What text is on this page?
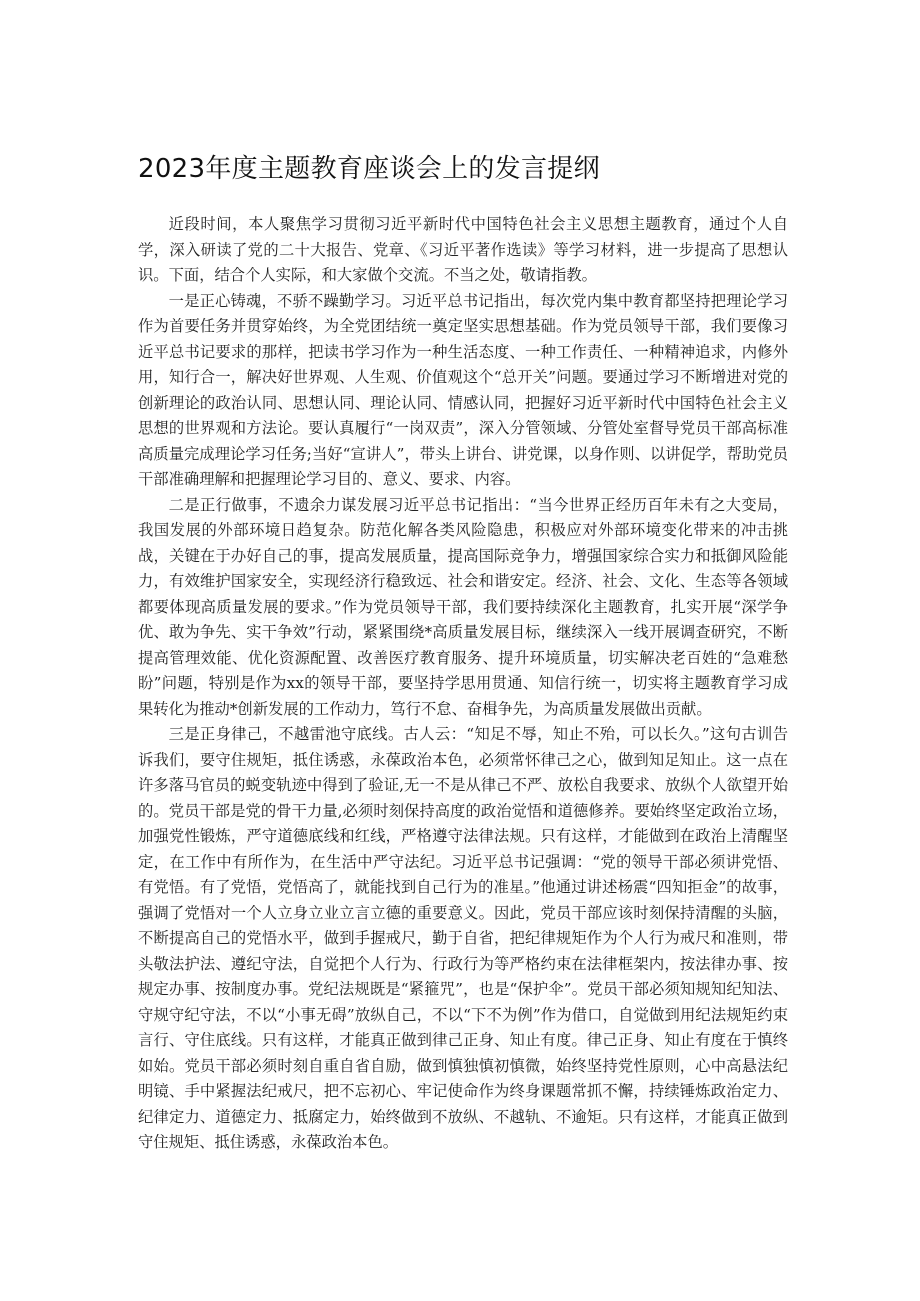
2023年度主题教育座谈会上的发言提纲

近段时间，本人聚焦学习贯彻习近平新时代中国特色社会主义思想主题教育，通过个人自学，深入研读了党的二十大报告、党章、《习近平著作选读》等学习材料，进一步提高了思想认识。下面，结合个人实际，和大家做个交流。不当之处，敬请指教。

一是正心铸魂，不骄不躁勤学习。习近平总书记指出，每次党内集中教育都坚持把理论学习作为首要任务并贯穿始终，为全党团结统一奠定坚实思想基础。作为党员领导干部，我们要像习近平总书记要求的那样，把读书学习作为一种生活态度、一种工作责任、一种精神追求，内修外用，知行合一，解决好世界观、人生观、价值观这个“总开关”问题。要通过学习不断增进对党的创新理论的政治认同、思想认同、理论认同、情感认同，把握好习近平新时代中国特色社会主义思想的世界观和方法论。要认真履行“一岗双责”，深入分管领域、分管处室督导党员干部高标准高质量完成理论学习任务;当好“宣讲人”，带头上讲台、讲党课，以身作则、以讲促学，帮助党员干部准确理解和把握理论学习目的、意义、要求、内容。

二是正行做事，不遗余力谋发展习近平总书记指出：“当今世界正经历百年未有之大变局，我国发展的外部环境日趋复杂。防范化解各类风险隐患，积极应对外部环境变化带来的冲击挑战，关键在于办好自己的事，提高发展质量，提高国际竞争力，增强国家综合实力和抵御风险能力，有效维护国家安全，实现经济行稳致远、社会和谐安定。经济、社会、文化、生态等各领域都要体现高质量发展的要求。”作为党员领导干部，我们要持续深化主题教育，扎实开展“深学争优、敢为争先、实干争效”行动，紧紧围绕*高质量发展目标，继续深入一线开展调查研究，不断提高管理效能、优化资源配置、改善医疗教育服务、提升环境质量，切实解决老百姓的“急难愁盼”问题，特别是作为xx的领导干部，要坚持学思用贯通、知信行统一，切实将主题教育学习成果转化为推动*创新发展的工作动力，笃行不怠、奋楫争先，为高质量发展做出贡献。

三是正身律己，不越雷池守底线。古人云：“知足不辱，知止不殆，可以长久。”这句古训告诉我们，要守住规矩，抵住诱惑，永葆政治本色，必须常怀律己之心，做到知足知止。这一点在许多落马官员的蜕变轨迹中得到了验证,无一不是从律己不严、放松自我要求、放纵个人欲望开始的。党员干部是党的骨干力量,必须时刻保持高度的政治觉悟和道德修养。要始终坚定政治立场，加强党性锻炼，严守道德底线和红线，严格遵守法律法规。只有这样，才能做到在政治上清醒坚定，在工作中有所作为，在生活中严守法纪。习近平总书记强调：“党的领导干部必须讲党悟、有党悟。有了党悟，党悟高了，就能找到自己行为的准星。”他通过讲述杨震“四知拒金”的故事，强调了党悟对一个人立身立业立言立德的重要意义。因此，党员干部应该时刻保持清醒的头脑，不断提高自己的党悟水平，做到手握戒尺，勤于自省，把纪律规矩作为个人行为戒尺和准则，带头敬法护法、遵纪守法，自觉把个人行为、行政行为等严格约束在法律框架内，按法律办事、按规定办事、按制度办事。党纪法规既是“紧箍咒”，也是“保护伞”。党员干部必须知规知纪知法、守规守纪守法，不以“小事无碍”放纵自己，不以“下不为例”作为借口，自觉做到用纪法规矩约束言行、守住底线。只有这样，才能真正做到律己正身、知止有度。律己正身、知止有度在于慎终如始。党员干部必须时刻自重自省自励，做到慎独慎初慎微，始终坚持党性原则，心中高悬法纪明镜、手中紧握法纪戒尺，把不忘初心、牢记使命作为终身课题常抓不懈，持续锤炼政治定力、纪律定力、道德定力、抵腐定力，始终做到不放纵、不越轨、不逾矩。只有这样，才能真正做到守住规矩、抵住诱惑，永葆政治本色。
